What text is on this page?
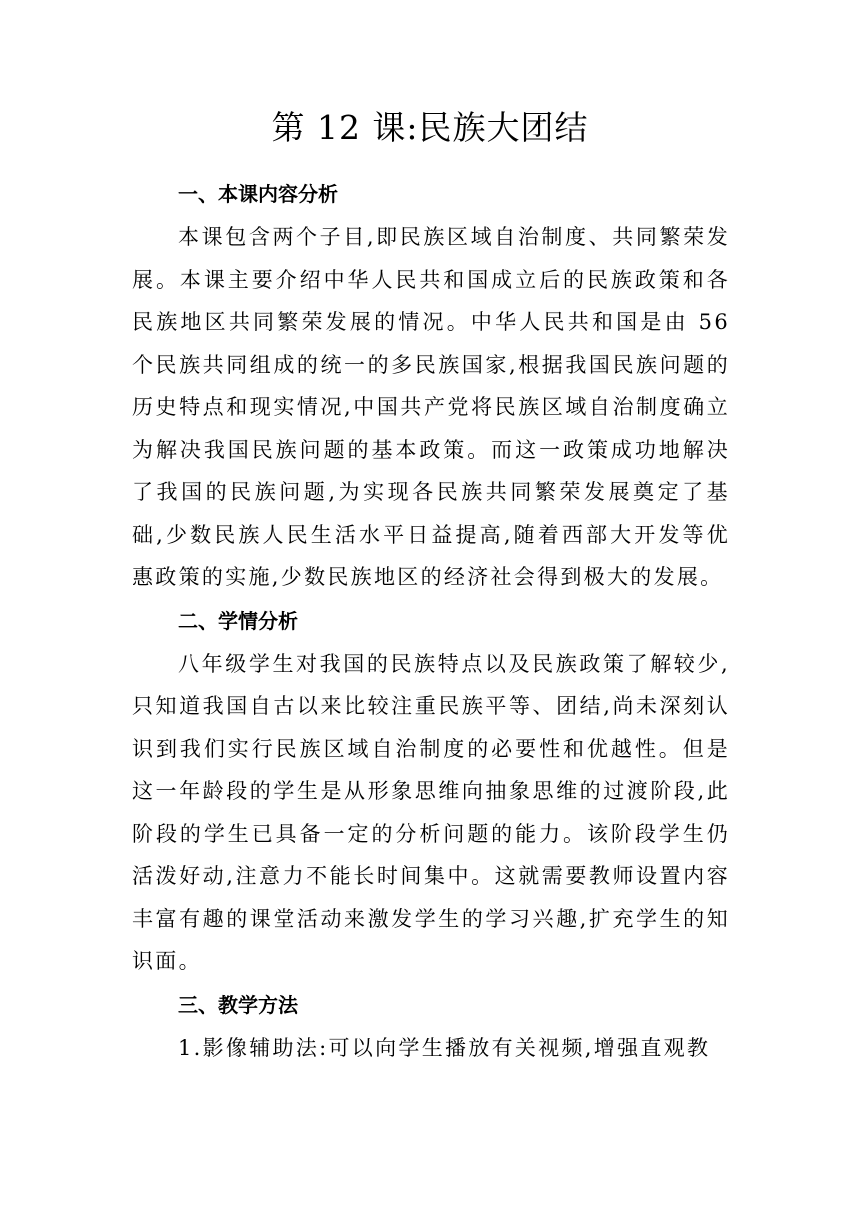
第 12 课:民族大团结
一、本课内容分析

本课包含两个子目,即民族区域自治制度、共同繁荣发展。本课主要介绍中华人民共和国成立后的民族政策和各民族地区共同繁荣发展的情况。中华人民共和国是由 56 个民族共同组成的统一的多民族国家,根据我国民族问题的历史特点和现实情况,中国共产党将民族区域自治制度确立为解决我国民族问题的基本政策。而这一政策成功地解决了我国的民族问题,为实现各民族共同繁荣发展奠定了基础,少数民族人民生活水平日益提高,随着西部大开发等优惠政策的实施,少数民族地区的经济社会得到极大的发展。

二、学情分析

八年级学生对我国的民族特点以及民族政策了解较少,只知道我国自古以来比较注重民族平等、团结,尚未深刻认识到我们实行民族区域自治制度的必要性和优越性。但是这一年龄段的学生是从形象思维向抽象思维的过渡阶段,此阶段的学生已具备一定的分析问题的能力。该阶段学生仍活泼好动,注意力不能长时间集中。这就需要教师设置内容丰富有趣的课堂活动来激发学生的学习兴趣,扩充学生的知识面。

三、教学方法

1.影像辅助法:可以向学生播放有关视频,增强直观教
